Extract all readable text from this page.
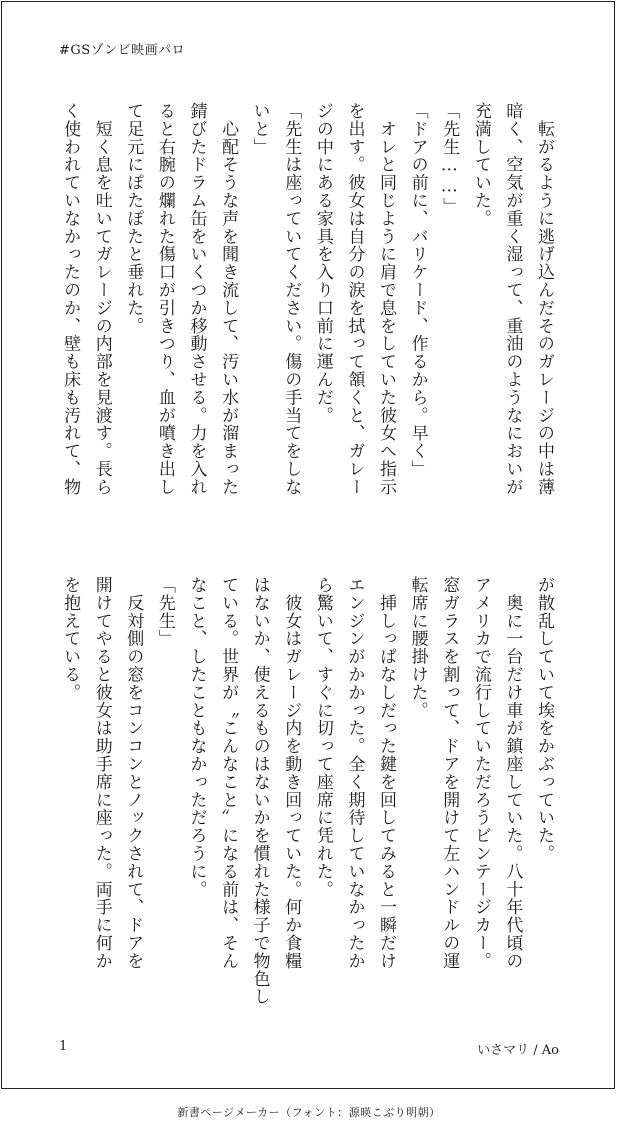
#GSゾンビ映画パロ
　転がるように逃げ込んだそのガレージの中は薄
暗く、空気が重く湿って、重油のようなにおいが
充満していた。
「先生……」
「ドアの前に、バリケード、作るから。早く」
　オレと同じように肩で息をしていた彼女へ指示
を出す。彼女は自分の涙を拭って頷くと、ガレー
ジの中にある家具を入り口前に運んだ。
「先生は座っていてください。傷の手当てをしな
いと」
　心配そうな声を聞き流して、汚い水が溜まった
錆びたドラム缶をいくつか移動させる。力を入れ
ると右腕の爛れた傷口が引きつり、血が噴き出し
て足元にぽたぽたと垂れた。
　短く息を吐いてガレージの内部を見渡す。長ら
く使われていなかったのか、壁も床も汚れて、物
が散乱していて埃をかぶっていた。
　奥に一台だけ車が鎮座していた。八十年代頃の
アメリカで流行していただろうビンテージカー。
窓ガラスを割って、ドアを開けて左ハンドルの運
転席に腰掛けた。
　挿しっぱなしだった鍵を回してみると一瞬だけ
エンジンがかかった。全く期待していなかったか
ら驚いて、すぐに切って座席に凭れた。
　彼女はガレージ内を動き回っていた。何か食糧
はないか、使えるものはないかを慣れた様子で物色し
ている。世界が〝こんなこと〟になる前は、そん
なこと、したこともなかっただろうに。
「先生」
　反対側の窓をコンコンとノックされて、ドアを
開けてやると彼女は助手席に座った。両手に何か
を抱えている。
1	いさマリ / Ao
新書ページメーカー（フォント：源暎こぶり明朝）
